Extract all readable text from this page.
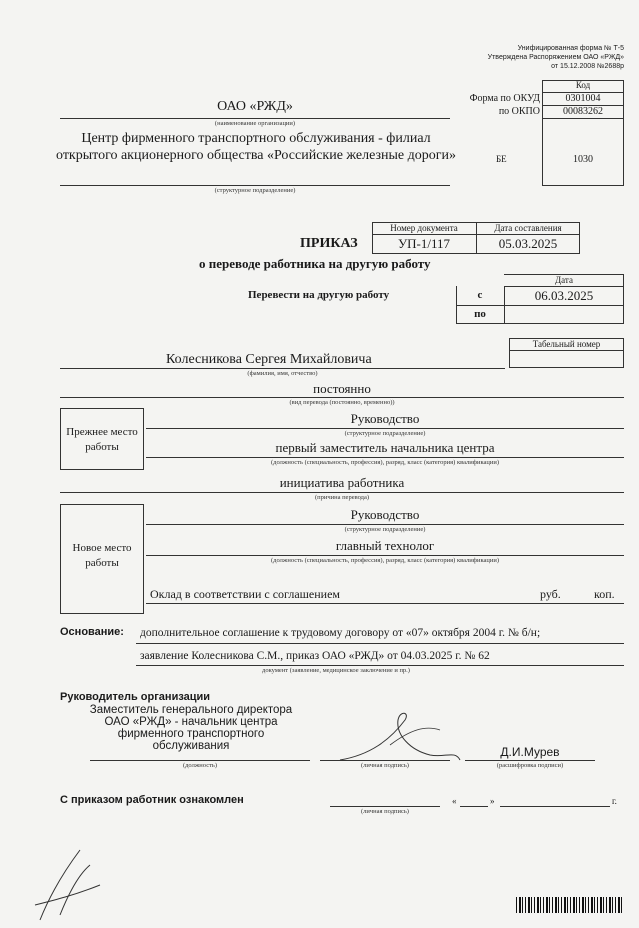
Унифицированная форма № Т-5
Утверждена Распоряжением ОАО «РЖД»
от 15.12.2008 №2688р
Код
Форма по ОКУД	0301004
по ОКПО	00083262
БЕ	1030
ОАО «РЖД»
(наименование организации)
Центр фирменного транспортного обслуживания - филиал открытого акционерного общества «Российские железные дороги»
(структурное подразделение)
Номер документа	Дата составления
ПРИКАЗ	УП-1/117	05.03.2025
о переводе работника на другую работу
Перевести на другую работу
Дата
с	06.03.2025
по
Табельный номер
Колесникова Сергея Михайловича
(фамилия, имя, отчество)
постоянно
(вид перевода (постоянно, временно))
Прежнее место работы
Руководство
(структурное подразделение)
первый заместитель начальника центра
(должность (специальность, профессия), разряд, класс (категория) квалификации)
инициатива работника
(причина перевода)
Новое место работы
Руководство
(структурное подразделение)
главный технолог
(должность (специальность, профессия), разряд, класс (категория) квалификации)
Оклад в соответствии с соглашением	руб.	коп.
Основание: дополнительное соглашение к трудовому договору от «07» октября 2004 г. № б/н;
заявление Колесникова С.М., приказ ОАО «РЖД» от 04.03.2025 г. № 62
документ (заявление, медицинское заключение и пр.)
Руководитель организации
Заместитель генерального директора ОАО «РЖД» - начальник центра фирменного транспортного обслуживания
(должность)	(личная подпись)
Д.И.Мурев
(расшифровка подписи)
С приказом работник ознакомлен
(личная подпись)
«	»	г.
